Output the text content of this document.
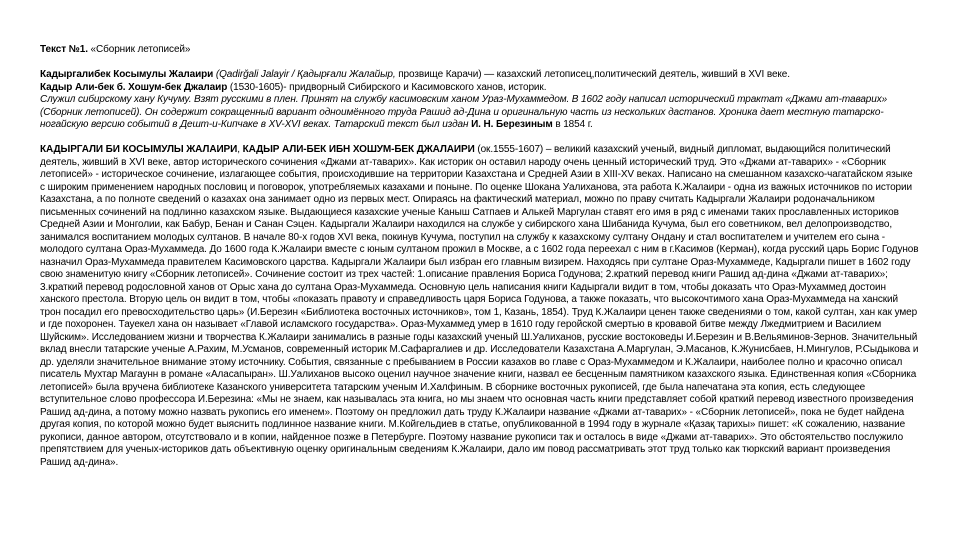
Текст №1. «Сборник летописей»

Кадыргалибек Косымулы Жалаири (Qadirğali Jalayir / Қадырғали Жалайыр, прозвище Карачи) — казахский летописец,политический деятель, живший в XVI веке.

Кадыр Али-бек б. Хошум-бек Джалаир (1530-1605)- придворный Сибирского и Касимовского ханов, историк.

Служил сибирскому хану Кучуму. Взят русскими в плен. Принят на службу касимовским ханом Ураз-Мухаммедом. В 1602 году написал исторический трактат «Джами ат-таварих» (Сборник летописей). Он содержит сокращенный вариант одноимённого труда Рашид ад-Дина и оригинальную часть из нескольких дастанов. Хроника дает местную татарско-ногайскую версию событий в Дешт-и-Кипчаке в XV-XVI веках. Татарский текст был издан И. Н. Березиным в 1854 г.

КАДЫРГАЛИ БИ КОСЫМУЛЫ ЖАЛАИРИ, КАДЫР АЛИ-БЕК ИБН ХОШУМ-БЕК ДЖАЛАИРИ (ок.1555-1607) – великий казахский ученый, видный дипломат, выдающийся политический деятель, живший в XVI веке, автор исторического сочинения «Джами ат-таварих». Как историк он оставил народу очень ценный исторический труд. Это «Джами ат-таварих» - «Сборник летописей» - историческое сочинение, излагающее события, происходившие на территории Казахстана и Средней Азии в XIII-XV веках. Написано на смешанном казахско-чагатайском языке с широким применением народных пословиц и поговорок, употребляемых казахами и поныне. По оценке Шокана Уалиханова, эта работа К.Жалаири - одна из важных источников по истории Казахстана, а по полноте сведений о казахах она занимает одно из первых мест. Опираясь на фактический материал, можно по праву считать Кадыргали Жалаири родоначальником письменных сочинений на подлинно казахском языке. Выдающиеся казахские ученые Каныш Сатпаев и Алькей Маргулан ставят его имя в ряд с именами таких прославленных историков Средней Азии и Монголии, как Бабур, Бенан и Санан Сэцен. Кадыргали Жалаири находился на службе у сибирского хана Шибанида Кучума, был его советником, вел делопроизводство, занимался воспитанием молодых султанов. В начале 80-х годов XVI века, покинув Кучума, поступил на службу к казахскому султану Ондану и стал воспитателем и учителем его сына - молодого султана Ораз-Мухаммеда. До 1600 года К.Жалаири вместе с юным султаном прожил в Москве, а с 1602 года переехал с ним в г.Касимов (Керман), когда русский царь Борис Годунов назначил Ораз-Мухаммеда правителем Касимовского царства. Кадыргали Жалаири был избран его главным визирем. Находясь при султане Ораз-Мухаммеде, Кадыргали пишет в 1602 году свою знаменитую книгу «Сборник летописей». Сочинение состоит из трех частей: 1.описание правления Бориса Годунова; 2.краткий перевод книги Рашид ад-дина «Джами ат-таварих»; 3.краткий перевод родословной ханов от Орыс хана до султана Ораз-Мухаммеда. Основную цель написания книги Кадыргали видит в том, чтобы доказать что Ораз-Мухаммед достоин ханского престола. Вторую цель он видит в том, чтобы «показать правоту и справедливость царя Бориса Годунова, а также показать, что высокочтимого хана Ораз-Мухаммеда на ханский трон посадил его превосходительство царь» (И.Березин «Библиотека восточных источников», том 1, Казань, 1854). Труд К.Жалаири ценен также сведениями о том, какой султан, хан как умер и где похоронен. Тауекел хана он называет «Главой исламского государства». Ораз-Мухаммед умер в 1610 году геройской смертью в кровавой битве между Лжедмитрием и Василием Шуйским». Исследованием жизни и творчества К.Жалаири занимались в разные годы казахский ученый Ш.Уалиханов, русские востоковеды И.Березин и В.Вельяминов-Зернов. Значительный вклад внесли татарские ученые А.Рахим, М.Усманов, современный историк М.Сафаргалиев и др. Исследователи Казахстана А.Маргулан, Э.Масанов, К.Жунисбаев, Н.Мингулов, Р.Сыдыкова и др. уделяли значительное внимание этому источнику. События, связанные с пребыванием в России казахов во главе с Ораз-Мухаммедом и К.Жалаири, наиболее полно и красочно описал писатель Мухтар Магаунн в романе «Аласапыран». Ш.Уалиханов высоко оценил научное значение книги, назвал ее бесценным памятником казахского языка. Единственная копия «Сборника летописей» была вручена библиотеке Казанского университета татарским ученым И.Халфиным. В сборнике восточных рукописей, где была напечатана эта копия, есть следующее вступительное слово профессора И.Березина: «Мы не знаем, как называлась эта книга, но мы знаем что основная часть книги представляет собой краткий перевод известного произведения Рашид ад-дина, а потому можно назвать рукопись его именем». Поэтому он предложил дать труду К.Жалаири название «Джами ат-таварих» - «Сборник летописей», пока не будет найдена другая копия, по которой можно будет выяснить подлинное название книги. М.Койгельдиев в статье, опубликованной в 1994 году в журнале «Қазақ тарихы» пишет: «К сожалению, название рукописи, данное автором, отсутствовало и в копии, найденное позже в Петербурге. Поэтому название рукописи так и осталось в виде «Джами ат-таварих». Это обстоятельство послужило препятствием для ученых-историков дать объективную оценку оригинальным сведениям К.Жалаири, дало им повод рассматривать этот труд только как тюркский вариант произведения Рашид ад-дина».
